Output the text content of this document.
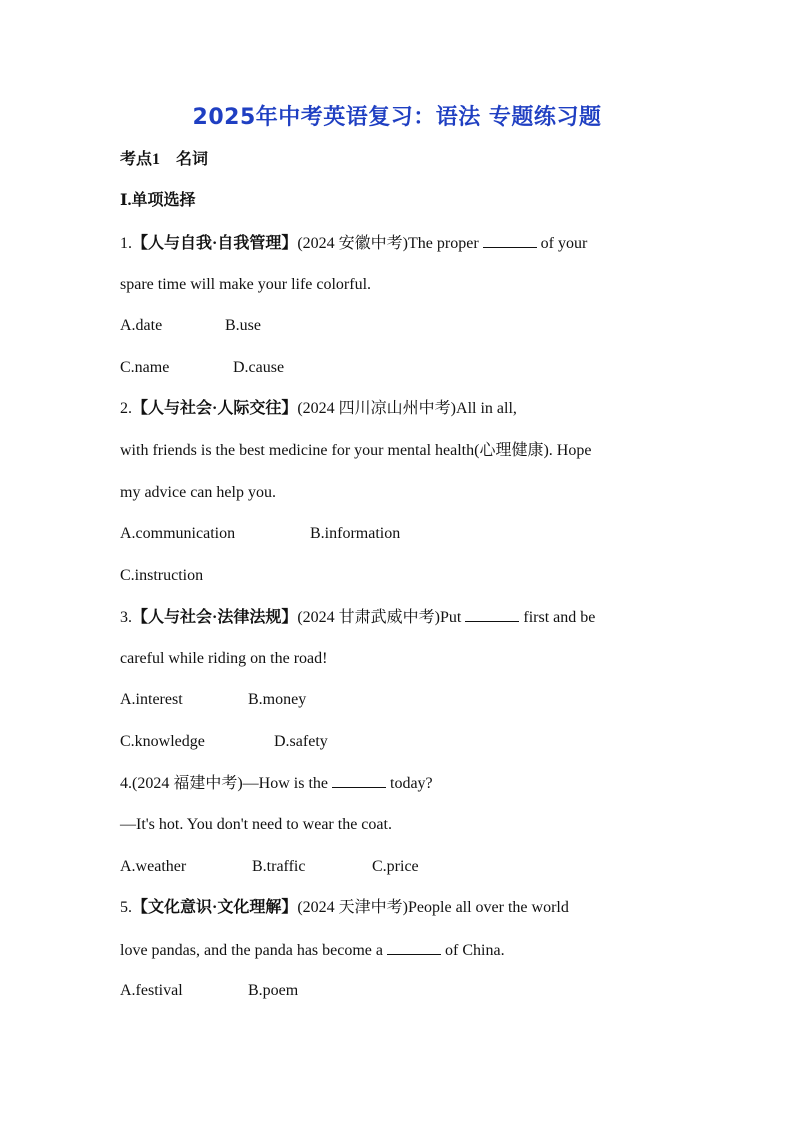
2025年中考英语复习：语法 专题练习题
考点1　名词
Ⅰ.单项选择
1.【人与自我·自我管理】(2024 安徽中考)The proper	of your
spare time will make your life colorful.
A.date	B.use
C.name	D.cause
2.【人与社会·人际交往】(2024 四川凉山州中考)All in all,
with friends is the best medicine for your mental health(心理健康). Hope
my advice can help you.
A.communication	B.information
C.instruction
3.【人与社会·法律法规】(2024 甘肃武威中考)Put	first and be
careful while riding on the road!
A.interest	B.money
C.knowledge	D.safety
4.(2024 福建中考)—How is the	today?
—It's hot. You don't need to wear the coat.
A.weather	B.traffic	C.price
5.【文化意识·文化理解】(2024 天津中考)People all over the world
love pandas, and the panda has become a	of China.
A.festival	B.poem
